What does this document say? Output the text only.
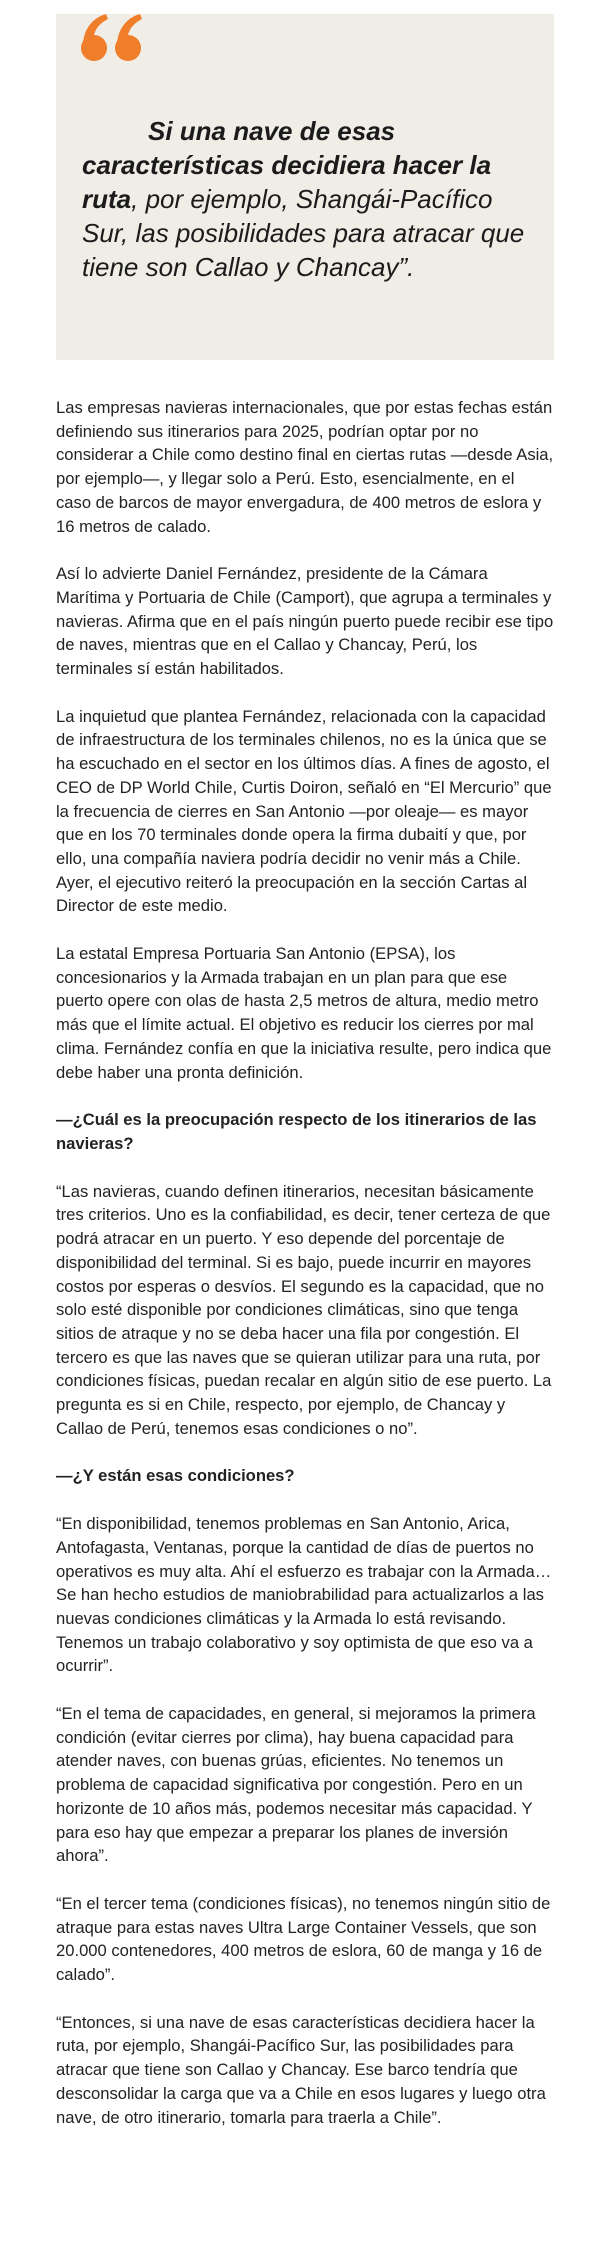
Si una nave de esas características decidiera hacer la ruta, por ejemplo, Shangái-Pacífico Sur, las posibilidades para atracar que tiene son Callao y Chancay”.

Las empresas navieras internacionales, que por estas fechas están definiendo sus itinerarios para 2025, podrían optar por no considerar a Chile como destino final en ciertas rutas —desde Asia, por ejemplo—, y llegar solo a Perú. Esto, esencialmente, en el caso de barcos de mayor envergadura, de 400 metros de eslora y 16 metros de calado.

Así lo advierte Daniel Fernández, presidente de la Cámara Marítima y Portuaria de Chile (Camport), que agrupa a terminales y navieras. Afirma que en el país ningún puerto puede recibir ese tipo de naves, mientras que en el Callao y Chancay, Perú, los terminales sí están habilitados.

La inquietud que plantea Fernández, relacionada con la capacidad de infraestructura de los terminales chilenos, no es la única que se ha escuchado en el sector en los últimos días. A fines de agosto, el CEO de DP World Chile, Curtis Doiron, señaló en “El Mercurio” que la frecuencia de cierres en San Antonio —por oleaje— es mayor que en los 70 terminales donde opera la firma dubaití y que, por ello, una compañía naviera podría decidir no venir más a Chile. Ayer, el ejecutivo reiteró la preocupación en la sección Cartas al Director de este medio.

La estatal Empresa Portuaria San Antonio (EPSA), los concesionarios y la Armada trabajan en un plan para que ese puerto opere con olas de hasta 2,5 metros de altura, medio metro más que el límite actual. El objetivo es reducir los cierres por mal clima. Fernández confía en que la iniciativa resulte, pero indica que debe haber una pronta definición.

—¿Cuál es la preocupación respecto de los itinerarios de las navieras?

“Las navieras, cuando definen itinerarios, necesitan básicamente tres criterios. Uno es la confiabilidad, es decir, tener certeza de que podrá atracar en un puerto. Y eso depende del porcentaje de disponibilidad del terminal. Si es bajo, puede incurrir en mayores costos por esperas o desvíos. El segundo es la capacidad, que no solo esté disponible por condiciones climáticas, sino que tenga sitios de atraque y no se deba hacer una fila por congestión. El tercero es que las naves que se quieran utilizar para una ruta, por condiciones físicas, puedan recalar en algún sitio de ese puerto. La pregunta es si en Chile, respecto, por ejemplo, de Chancay y Callao de Perú, tenemos esas condiciones o no”.

—¿Y están esas condiciones?

“En disponibilidad, tenemos problemas en San Antonio, Arica, Antofagasta, Ventanas, porque la cantidad de días de puertos no operativos es muy alta. Ahí el esfuerzo es trabajar con la Armada… Se han hecho estudios de maniobrabilidad para actualizarlos a las nuevas condiciones climáticas y la Armada lo está revisando. Tenemos un trabajo colaborativo y soy optimista de que eso va a ocurrir”.

“En el tema de capacidades, en general, si mejoramos la primera condición (evitar cierres por clima), hay buena capacidad para atender naves, con buenas grúas, eficientes. No tenemos un problema de capacidad significativa por congestión. Pero en un horizonte de 10 años más, podemos necesitar más capacidad. Y para eso hay que empezar a preparar los planes de inversión ahora”.

“En el tercer tema (condiciones físicas), no tenemos ningún sitio de atraque para estas naves Ultra Large Container Vessels, que son 20.000 contenedores, 400 metros de eslora, 60 de manga y 16 de calado”.

“Entonces, si una nave de esas características decidiera hacer la ruta, por ejemplo, Shangái-Pacífico Sur, las posibilidades para atracar que tiene son Callao y Chancay. Ese barco tendría que desconsolidar la carga que va a Chile en esos lugares y luego otra nave, de otro itinerario, tomarla para traerla a Chile”.
